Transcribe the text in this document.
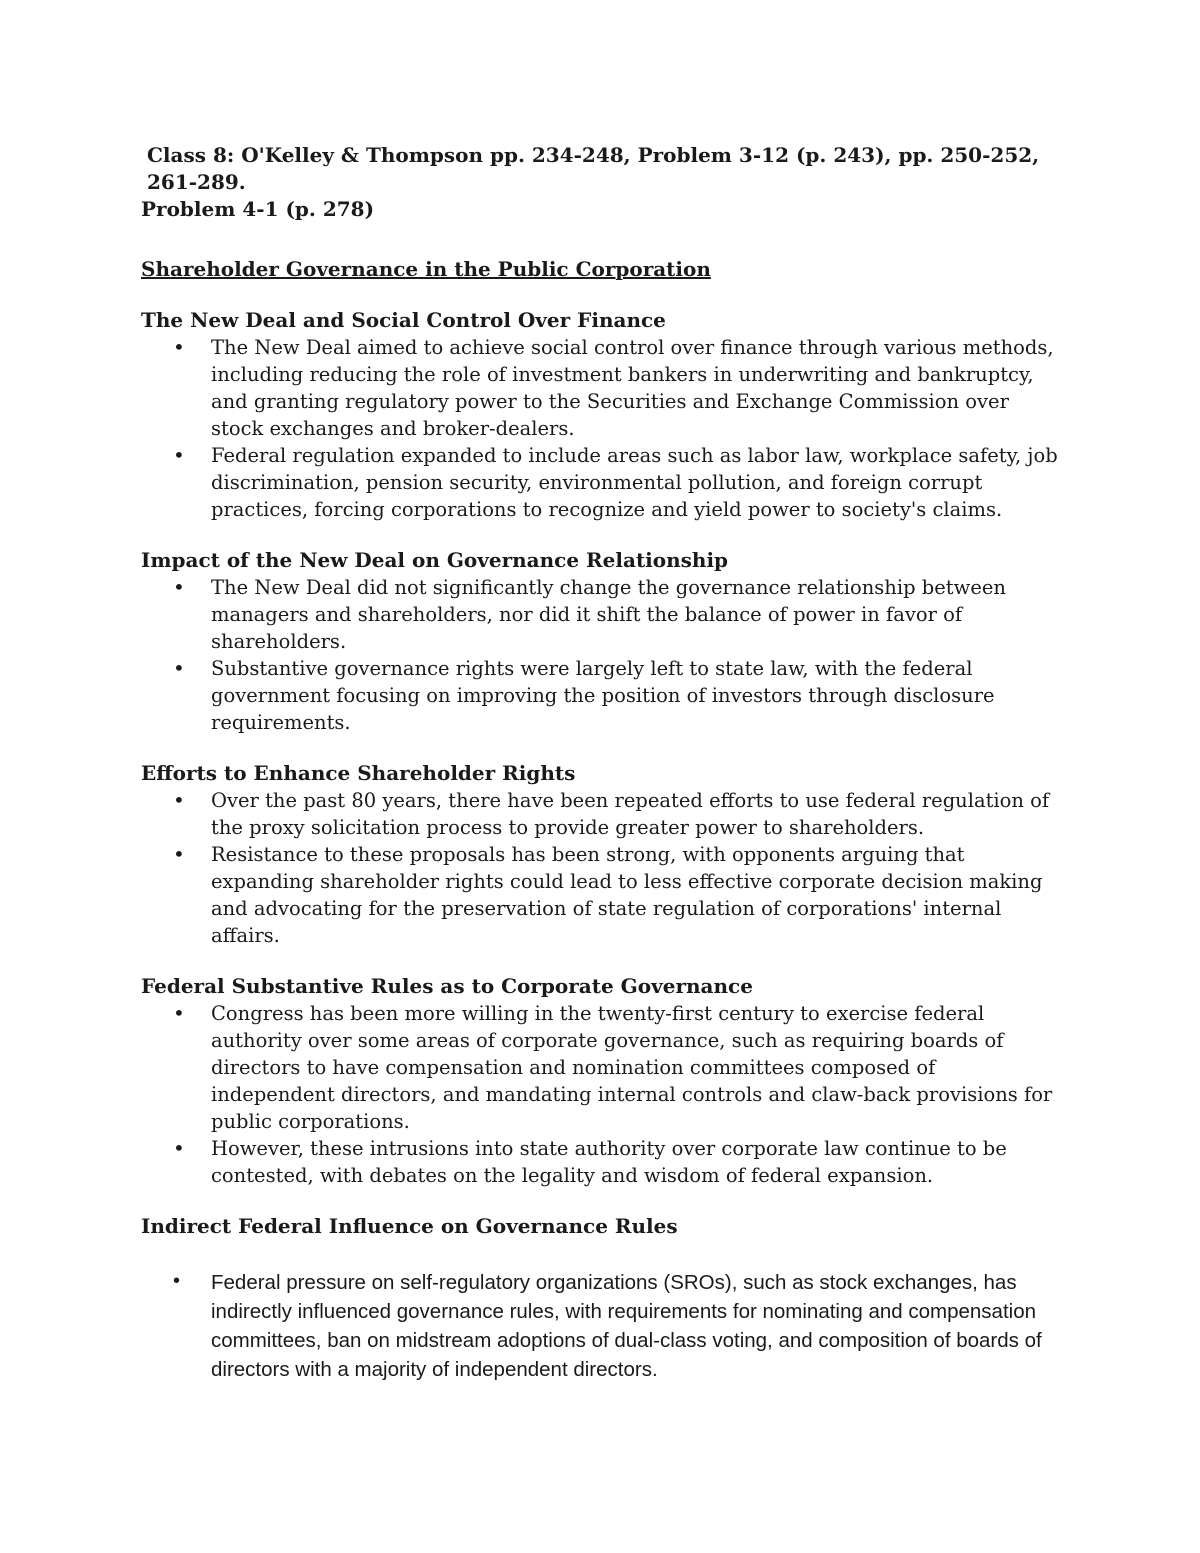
Class 8: O'Kelley & Thompson pp. 234-248, Problem 3-12 (p. 243), pp. 250-252, 261-289.
Problem 4-1 (p. 278)

Shareholder Governance in the Public Corporation

The New Deal and Social Control Over Finance

• The New Deal aimed to achieve social control over finance through various methods, including reducing the role of investment bankers in underwriting and bankruptcy, and granting regulatory power to the Securities and Exchange Commission over stock exchanges and broker-dealers.
• Federal regulation expanded to include areas such as labor law, workplace safety, job discrimination, pension security, environmental pollution, and foreign corrupt practices, forcing corporations to recognize and yield power to society's claims.

Impact of the New Deal on Governance Relationship

• The New Deal did not significantly change the governance relationship between managers and shareholders, nor did it shift the balance of power in favor of shareholders.
• Substantive governance rights were largely left to state law, with the federal government focusing on improving the position of investors through disclosure requirements.

Efforts to Enhance Shareholder Rights

• Over the past 80 years, there have been repeated efforts to use federal regulation of the proxy solicitation process to provide greater power to shareholders.
• Resistance to these proposals has been strong, with opponents arguing that expanding shareholder rights could lead to less effective corporate decision making and advocating for the preservation of state regulation of corporations' internal affairs.

Federal Substantive Rules as to Corporate Governance

• Congress has been more willing in the twenty-first century to exercise federal authority over some areas of corporate governance, such as requiring boards of directors to have compensation and nomination committees composed of independent directors, and mandating internal controls and claw-back provisions for public corporations.
• However, these intrusions into state authority over corporate law continue to be contested, with debates on the legality and wisdom of federal expansion.

Indirect Federal Influence on Governance Rules

• Federal pressure on self-regulatory organizations (SROs), such as stock exchanges, has indirectly influenced governance rules, with requirements for nominating and compensation committees, ban on midstream adoptions of dual-class voting, and composition of boards of directors with a majority of independent directors.
